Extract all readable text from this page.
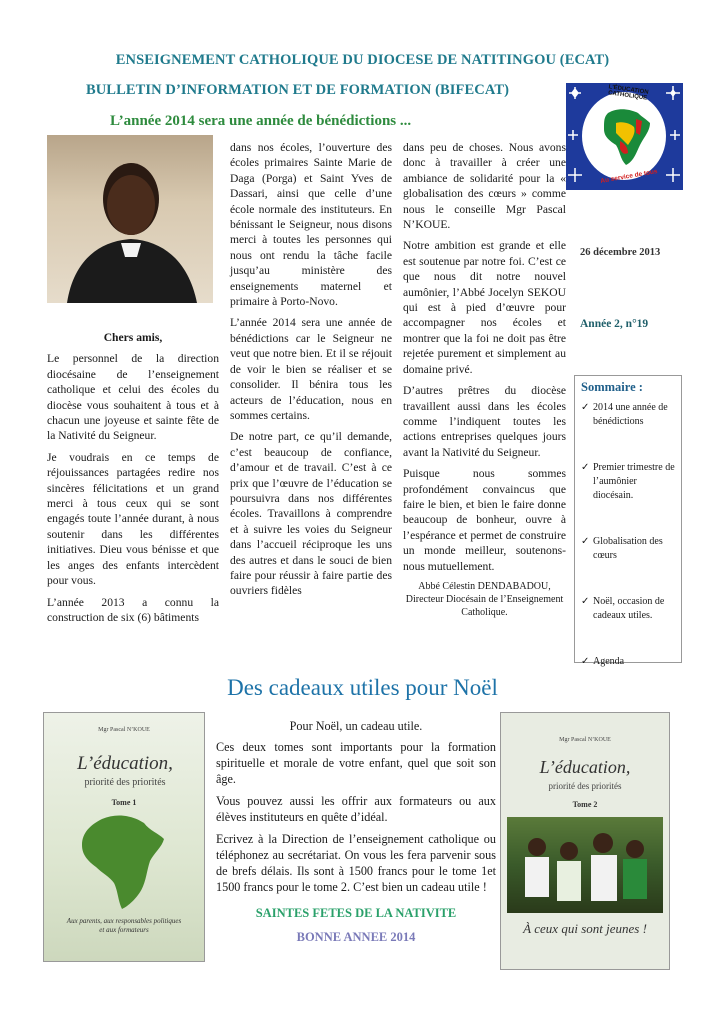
ENSEIGNEMENT CATHOLIQUE DU DIOCESE DE NATITINGOU (ECAT)
BULLETIN D’INFORMATION ET DE FORMATION (BIFECAT)
L’année 2014 sera une année de bénédictions ...
L'ÉDUCATION CATHOLIQUE
Au service de tous

Chers amis,

Le personnel de la direction diocésaine de l’enseignement catholique et celui des écoles du diocèse vous souhaitent à tous et à chacun une joyeuse et sainte fête de la Nativité du Seigneur.

Je voudrais en ce temps de réjouissances partagées redire nos sincères félicitations et un grand merci à tous ceux qui se sont engagés toute l’année durant, à nous soutenir dans les différentes initiatives. Dieu vous bénisse et que les anges des enfants intercèdent pour vous.

L’année 2013 a connu la construction de six (6) bâtiments

dans nos écoles, l’ouverture des écoles primaires Sainte Marie de Daga (Porga) et Saint Yves de Dassari, ainsi que celle d’une école normale des instituteurs. En bénissant le Seigneur, nous disons merci à toutes les personnes qui nous ont rendu la tâche facile jusqu’au ministère des enseignements maternel et primaire à Porto-Novo.

L’année 2014 sera une année de bénédictions car le Seigneur ne veut que notre bien. Et il se réjouit de voir le bien se réaliser et se consolider. Il bénira tous les acteurs de l’éducation, nous en sommes certains.

De notre part, ce qu’il demande, c’est beaucoup de confiance, d’amour et de travail. C’est à ce prix que l’œuvre de l’éducation se poursuivra dans nos différentes écoles. Travaillons à comprendre et à suivre les voies du Seigneur dans l’accueil réciproque les uns des autres et dans le souci de bien faire pour réussir à faire partie des ouvriers fidèles

dans peu de choses. Nous avons donc à travailler à créer une ambiance de solidarité pour la « globalisation des cœurs » comme nous le conseille Mgr Pascal N’KOUE.

Notre ambition est grande et elle est soutenue par notre foi. C’est ce que nous dit notre nouvel aumônier, l’Abbé Jocelyn SEKOU qui est à pied d’œuvre pour accompagner nos écoles et montrer que la foi ne doit pas être rejetée purement et simplement au domaine privé.

D’autres prêtres du diocèse travaillent aussi dans les écoles comme l’indiquent toutes les actions entreprises quelques jours avant la Nativité du Seigneur.

Puisque nous sommes profondément convaincus que faire le bien, et bien le faire donne beaucoup de bonheur, ouvre à l’espérance et permet de construire un monde meilleur, soutenons-nous mutuellement.

Abbé Célestin DENDABADOU,
Directeur Diocésain de l’Enseignement Catholique.
26 décembre 2013
Année 2, n°19
Sommaire :
✓ 2014 une année de bénédictions
✓ Premier trimestre de l’aumônier diocésain.
✓ Globalisation des cœurs
✓ Noël, occasion de cadeaux utiles.
✓ Agenda
Des cadeaux utiles pour Noël
Mgr Pascal N’KOUE
L’éducation,
priorité des priorités
Tome 1
Aux parents, aux responsables politiques et aux formateurs

Pour Noël, un cadeau utile.

Ces deux tomes sont importants pour la formation spirituelle et morale de votre enfant, quel que soit son âge.

Vous pouvez aussi les offrir aux formateurs ou aux élèves instituteurs en quête d’idéal.

Ecrivez à la Direction de l’enseignement catholique ou téléphonez au secrétariat. On vous les fera parvenir sous de brefs délais. Ils sont à 1500 francs pour le tome 1et 1500 francs pour le tome 2. C’est bien un cadeau utile !

SAINTES FETES DE LA NATIVITE

BONNE ANNEE 2014

Mgr Pascal N’KOUE
L’éducation,
priorité des priorités
Tome 2
À ceux qui sont jeunes !
